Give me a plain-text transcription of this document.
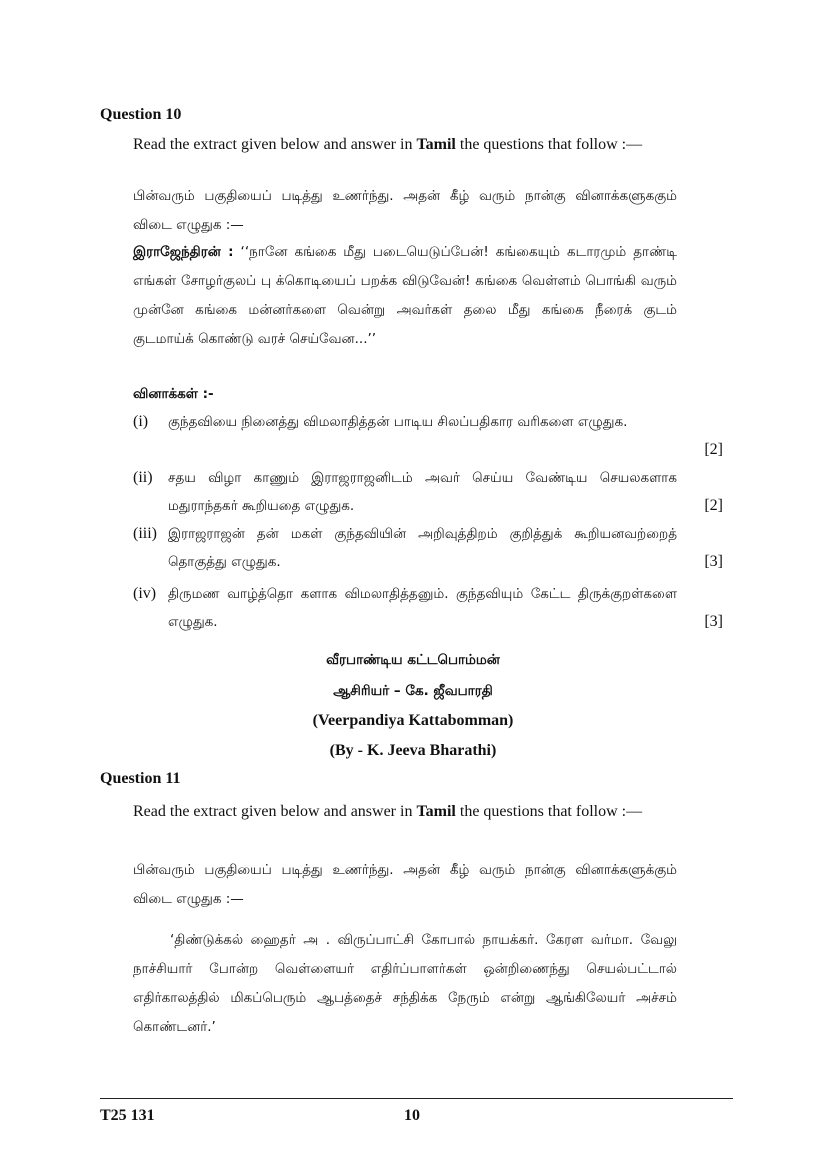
Question 10
Read the extract given below and answer in Tamil the questions that follow :—
பின்வரும் பகுதியைப் படித்து உணர்ந்து. அதன் கீழ் வரும் நான்கு வினாக்களுககும் விடை எழுதுக :—
இராஜேந்திரன் : ‘‘நானே கங்கை மீது படையெடுப்பேன்! கங்கையும் கடாரமும் தாண்டி எங்கள் சோழர்குலப் பு க்கொடியைப் பறக்க விடுவேன்! கங்கை வெள்ளம் பொங்கி வரும் முன்னே கங்கை மன்னர்களை வென்று அவர்கள் தலை மீது கங்கை நீரைக் குடம் குடமாய்க் கொண்டு வரச் செய்வேன...’’
வினாக்கள் :-
(i)	குந்தவியை நினைத்து விமலாதித்தன் பாடிய சிலப்பதிகார வரிகளை எழுதுக.
[2]
(ii)	சதய விழா காணும் இராஜராஜனிடம் அவர் செய்ய வேண்டிய செயலகளாக மதுராந்தகர் கூறியதை எழுதுக.	[2]
(iii) இராஜராஜன் தன் மகள் குந்தவியின் அறிவுத்திறம் குறித்துக் கூறியனவற்றைத் தொகுத்து எழுதுக.	[3]
(iv) திருமண வாழ்த்தொ களாக விமலாதித்தனும். குந்தவியும் கேட்ட திருக்குறள்களை எழுதுக.	[3]
வீரபாண்டிய கட்டபொம்மன்
ஆசிரியர் – கே. ஜீவபாரதி
(Veerpandiya Kattabomman)
(By - K. Jeeva Bharathi)
Question 11
Read the extract given below and answer in Tamil the questions that follow :—
பின்வரும் பகுதியைப் படித்து உணர்ந்து. அதன் கீழ் வரும் நான்கு வினாக்களுக்கும் விடை எழுதுக :—
‘திண்டுக்கல் ஹைதர் அ . விருப்பாட்சி கோபால் நாயக்கர். கேரள வர்மா. வேலு நாச்சியார் போன்ற வெள்ளையர் எதிர்ப்பாளர்கள் ஒன்றிணைந்து செயல்பட்டால் எதிர்காலத்தில் மிகப்பெரும் ஆபத்தைச் சந்திக்க நேரும் என்று ஆங்கிலேயர் அச்சம் கொண்டனர்.’
T25 131	10
